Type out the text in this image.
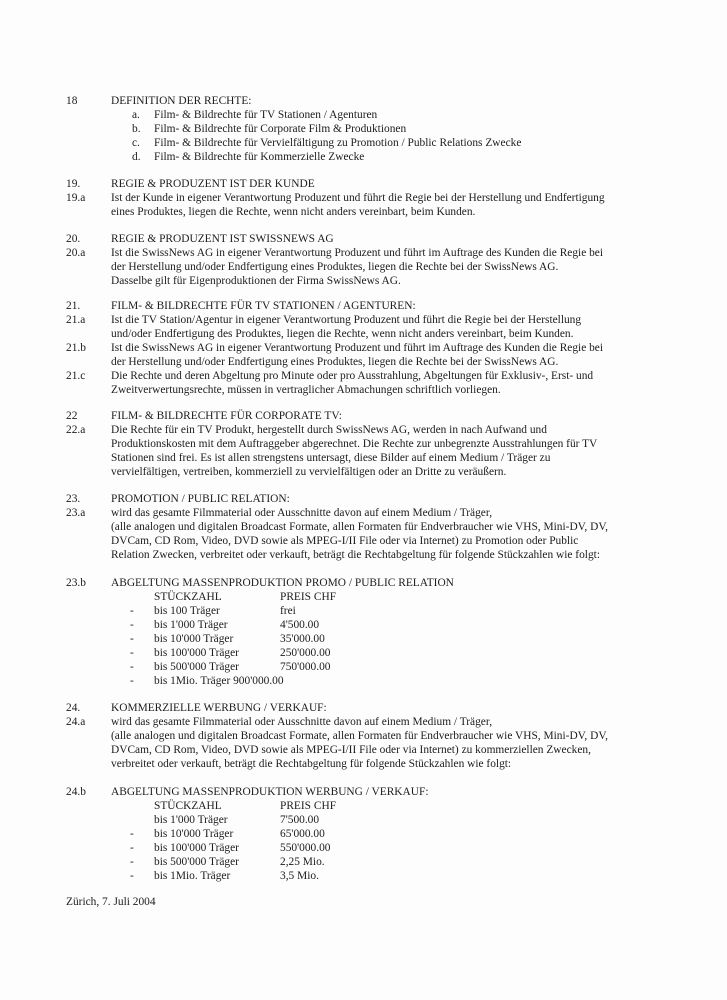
18	DEFINITION DER RECHTE:
a. Film- & Bildrechte für TV Stationen / Agenturen
b. Film- & Bildrechte für Corporate Film & Produktionen
c. Film- & Bildrechte für Vervielfältigung zu Promotion / Public Relations Zwecke
d. Film- & Bildrechte für Kommerzielle Zwecke
19.	REGIE & PRODUZENT IST DER KUNDE
19.a Ist der Kunde in eigener Verantwortung Produzent und führt die Regie bei der Herstellung und Endfertigung
eines Produktes, liegen die Rechte, wenn nicht anders vereinbart, beim Kunden.
20.	REGIE & PRODUZENT IST SWISSNEWS AG
20.a Ist die SwissNews AG in eigener Verantwortung Produzent und führt im Auftrage des Kunden die Regie bei
der Herstellung und/oder Endfertigung eines Produktes, liegen die Rechte bei der SwissNews AG.
Dasselbe gilt für Eigenproduktionen der Firma SwissNews AG.
21.	FILM- & BILDRECHTE FÜR TV STATIONEN / AGENTUREN:
21.a Ist die TV Station/Agentur in eigener Verantwortung Produzent und führt die Regie bei der Herstellung
und/oder Endfertigung des Produktes, liegen die Rechte, wenn nicht anders vereinbart, beim Kunden.
21.b Ist die SwissNews AG in eigener Verantwortung Produzent und führt im Auftrage des Kunden die Regie bei
der Herstellung und/oder Endfertigung eines Produktes, liegen die Rechte bei der SwissNews AG.
21.c Die Rechte und deren Abgeltung pro Minute oder pro Ausstrahlung, Abgeltungen für Exklusiv-, Erst- und
Zweitverwertungsrechte, müssen in vertraglicher Abmachungen schriftlich vorliegen.
22	FILM- & BILDRECHTE FÜR CORPORATE TV:
22.a Die Rechte für ein TV Produkt, hergestellt durch SwissNews AG, werden in nach Aufwand und
Produktionskosten mit dem Auftraggeber abgerechnet. Die Rechte zur unbegrenzte Ausstrahlungen für TV
Stationen sind frei. Es ist allen strengstens untersagt, diese Bilder auf einem Medium / Träger zu
vervielfältigen, vertreiben, kommerziell zu vervielfältigen oder an Dritte zu veräußern.
23.	PROMOTION / PUBLIC RELATION:
23.a wird das gesamte Filmmaterial oder Ausschnitte davon auf einem Medium / Träger,
(alle analogen und digitalen Broadcast Formate, allen Formaten für Endverbraucher wie VHS, Mini-DV, DV,
DVCam, CD Rom, Video, DVD sowie als MPEG-I/II File oder via Internet) zu Promotion oder Public
Relation Zwecken, verbreitet oder verkauft, beträgt die Rechtabgeltung für folgende Stückzahlen wie folgt:
23.b ABGELTUNG MASSENPRODUKTION PROMO / PUBLIC RELATION
STÜCKZAHL	PREIS CHF
- bis 100 Träger	frei
- bis 1'000 Träger	4'500.00
- bis 10'000 Träger	35'000.00
- bis 100'000 Träger	250'000.00
- bis 500'000 Träger	750'000.00
- bis 1Mio. Träger 900'000.00
24.	KOMMERZIELLE WERBUNG / VERKAUF:
24.a wird das gesamte Filmmaterial oder Ausschnitte davon auf einem Medium / Träger,
(alle analogen und digitalen Broadcast Formate, allen Formaten für Endverbraucher wie VHS, Mini-DV, DV,
DVCam, CD Rom, Video, DVD sowie als MPEG-I/II File oder via Internet) zu kommerziellen Zwecken,
verbreitet oder verkauft, beträgt die Rechtabgeltung für folgende Stückzahlen wie folgt:
24.b ABGELTUNG MASSENPRODUKTION WERBUNG / VERKAUF:
STÜCKZAHL	PREIS CHF
bis 1'000 Träger	7'500.00
- bis 10'000 Träger	65'000.00
- bis 100'000 Träger	550'000.00
- bis 500'000 Träger	2,25 Mio.
- bis 1Mio. Träger	3,5 Mio.
Zürich, 7. Juli 2004
